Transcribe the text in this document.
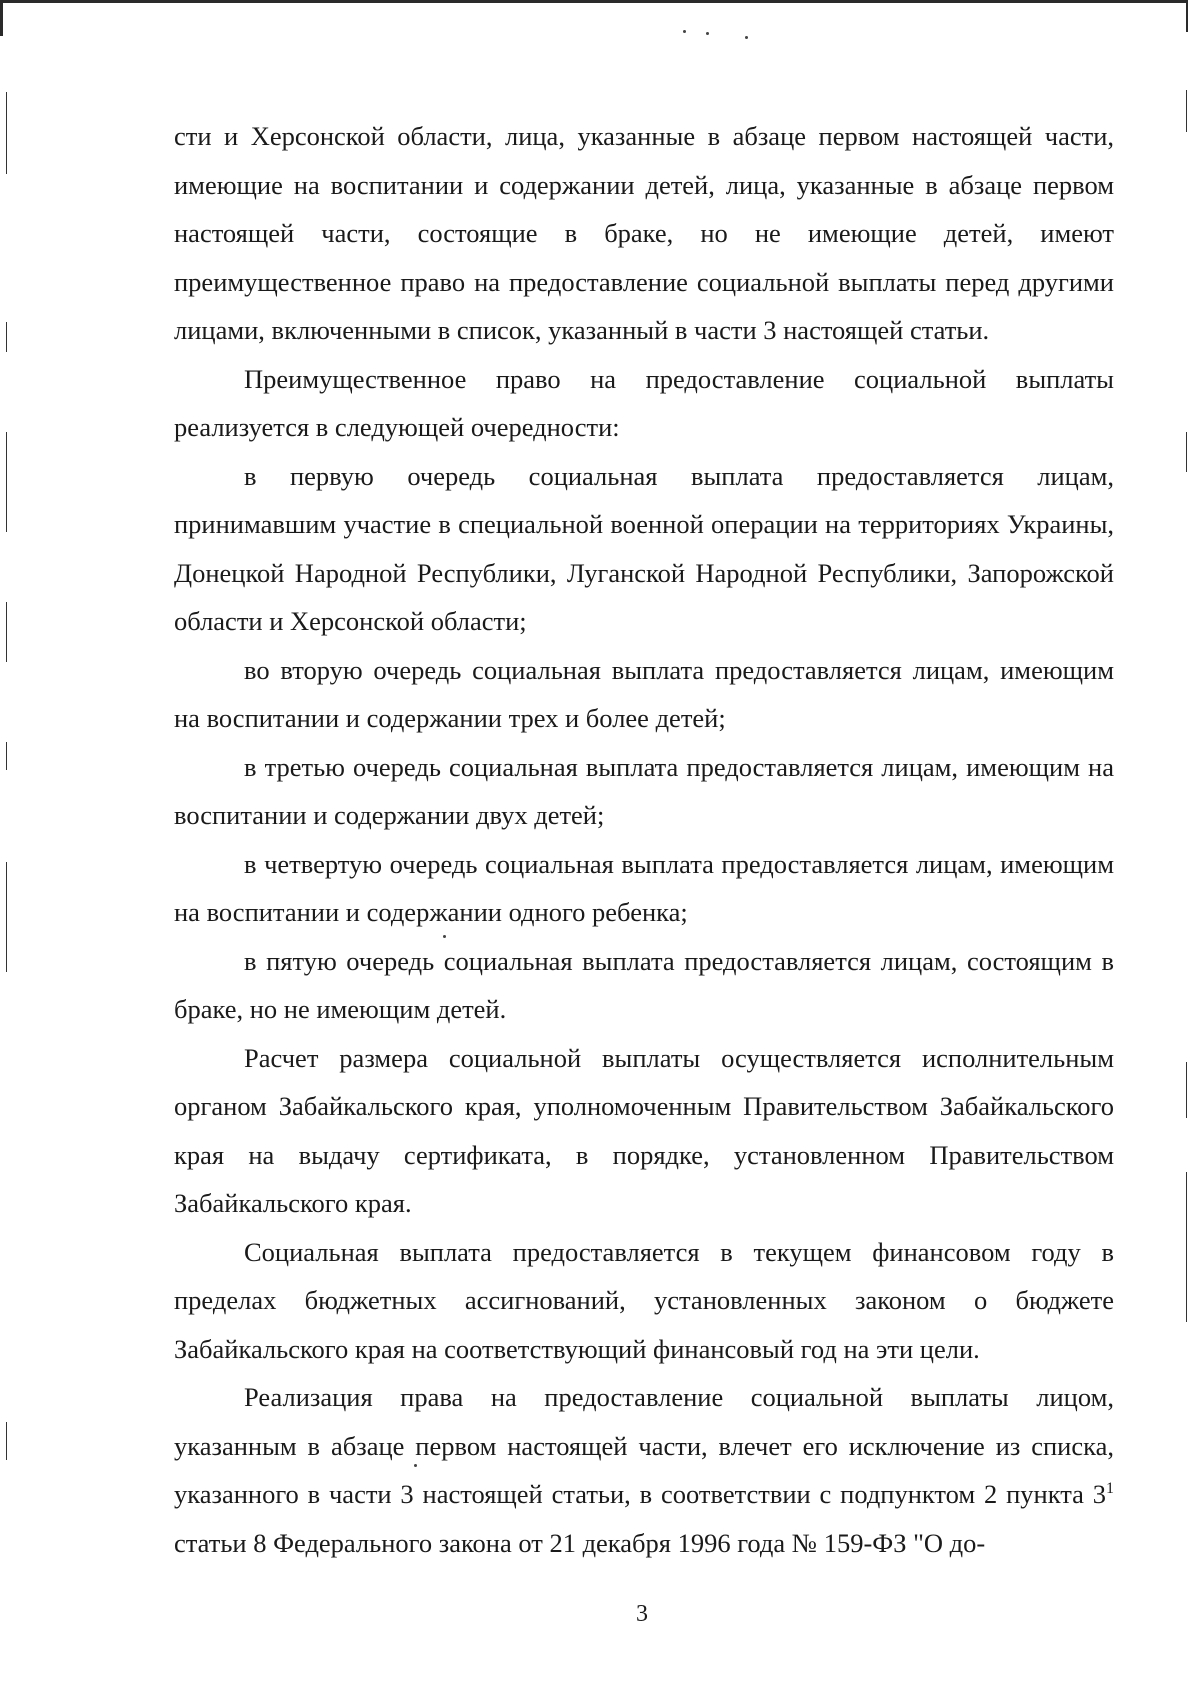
сти и Херсонской области, лица, указанные в абзаце первом настоящей части, имеющие на воспитании и содержании детей, лица, указанные в абзаце первом настоящей части, состоящие в браке, но не имеющие детей, имеют преимущественное право на предоставление социальной выплаты перед другими лицами, включенными в список, указанный в части 3 настоящей статьи.

Преимущественное право на предоставление социальной выплаты реализуется в следующей очередности:

в первую очередь социальная выплата предоставляется лицам, принимавшим участие в специальной военной операции на территориях Украины, Донецкой Народной Республики, Луганской Народной Республики, Запорожской области и Херсонской области;

во вторую очередь социальная выплата предоставляется лицам, имеющим на воспитании и содержании трех и более детей;

в третью очередь социальная выплата предоставляется лицам, имеющим на воспитании и содержании двух детей;

в четвертую очередь социальная выплата предоставляется лицам, имеющим на воспитании и содержании одного ребенка;

в пятую очередь социальная выплата предоставляется лицам, состоящим в браке, но не имеющим детей.

Расчет размера социальной выплаты осуществляется исполнительным органом Забайкальского края, уполномоченным Правительством Забайкальского края на выдачу сертификата, в порядке, установленном Правительством Забайкальского края.

Социальная выплата предоставляется в текущем финансовом году в пределах бюджетных ассигнований, установленных законом о бюджете Забайкальского края на соответствующий финансовый год на эти цели.

Реализация права на предоставление социальной выплаты лицом, указанным в абзаце первом настоящей части, влечет его исключение из списка, указанного в части 3 настоящей статьи, в соответствии с подпунктом 2 пункта $3^1$ статьи 8 Федерального закона от 21 декабря 1996 года № 159-ФЗ "О до-

3
